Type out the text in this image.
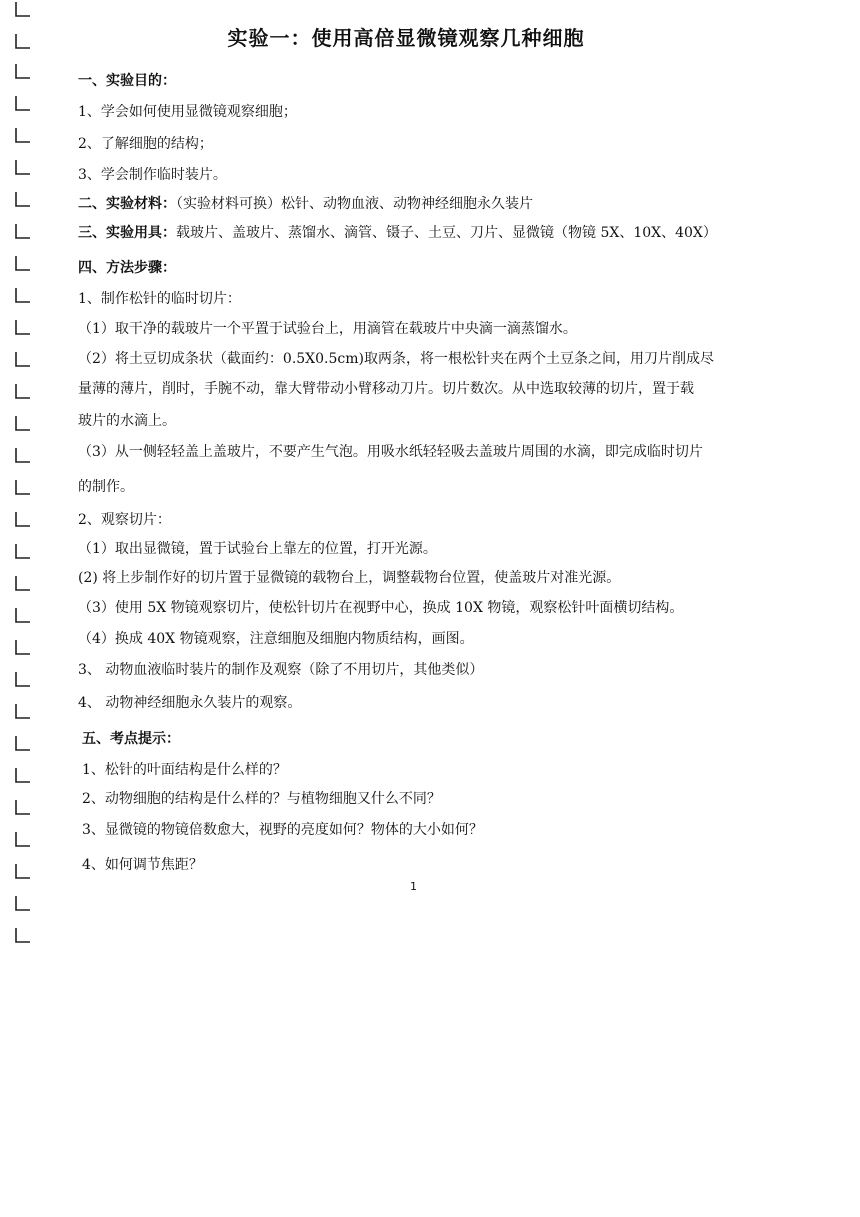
实验一：使用高倍显微镜观察几种细胞
一、实验目的：
1、学会如何使用显微镜观察细胞；
2、了解细胞的结构；
3、学会制作临时装片。
二、实验材料：（实验材料可换）松针、动物血液、动物神经细胞永久装片
三、实验用具：载玻片、盖玻片、蒸馏水、滴管、镊子、土豆、刀片、显微镜（物镜 5X、10X、40X）
四、方法步骤：
1、制作松针的临时切片：
（1）取干净的载玻片一个平置于试验台上，用滴管在载玻片中央滴一滴蒸馏水。
（2）将土豆切成条状（截面约：0.5X0.5cm)取两条，将一根松针夹在两个土豆条之间，用刀片削成尽
量薄的薄片，削时，手腕不动，靠大臂带动小臂移动刀片。切片数次。从中选取较薄的切片，置于载
玻片的水滴上。
（3）从一侧轻轻盖上盖玻片，不要产生气泡。用吸水纸轻轻吸去盖玻片周围的水滴，即完成临时切片
的制作。
2、观察切片：
（1）取出显微镜，置于试验台上靠左的位置，打开光源。
(2) 将上步制作好的切片置于显微镜的载物台上，调整载物台位置，使盖玻片对准光源。
（3）使用 5X 物镜观察切片，使松针切片在视野中心，换成 10X 物镜，观察松针叶面横切结构。
（4）换成 40X 物镜观察，注意细胞及细胞内物质结构，画图。
3、 动物血液临时装片的制作及观察（除了不用切片，其他类似）
4、 动物神经细胞永久装片的观察。
五、考点提示：
1、松针的叶面结构是什么样的？
2、动物细胞的结构是什么样的？与植物细胞又什么不同？
3、显微镜的物镜倍数愈大，视野的亮度如何？物体的大小如何？
4、如何调节焦距？
1
